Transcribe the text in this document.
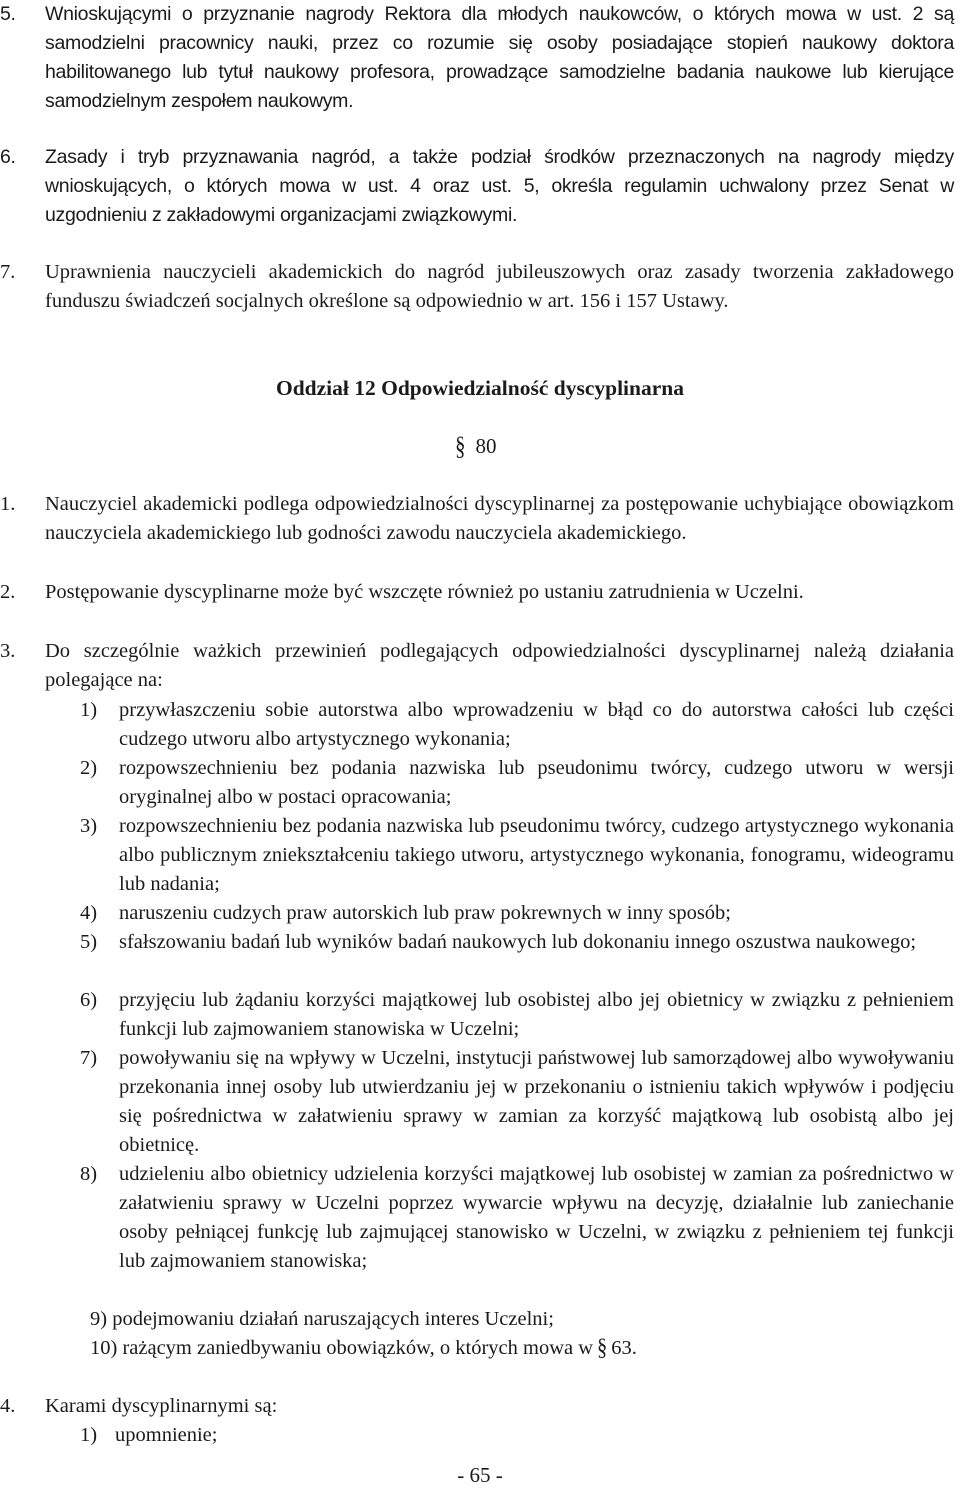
5. Wnioskującymi o przyznanie nagrody Rektora dla młodych naukowców, o których mowa w ust. 2 są samodzielni pracownicy nauki, przez co rozumie się osoby posiadające stopień naukowy doktora habilitowanego lub tytuł naukowy profesora, prowadzące samodzielne badania naukowe lub kierujące samodzielnym zespołem naukowym.
6. Zasady i tryb przyznawania nagród, a także podział środków przeznaczonych na nagrody między wnioskujących, o których mowa w ust. 4 oraz ust. 5, określa regulamin uchwalony przez Senat w uzgodnieniu z zakładowymi organizacjami związkowymi.
7. Uprawnienia nauczycieli akademickich do nagród jubileuszowych oraz zasady tworzenia zakładowego funduszu świadczeń socjalnych określone są odpowiednio w art. 156 i 157 Ustawy.
Oddział 12 Odpowiedzialność dyscyplinarna
§ 80
1. Nauczyciel akademicki podlega odpowiedzialności dyscyplinarnej za postępowanie uchybiające obowiązkom nauczyciela akademickiego lub godności zawodu nauczyciela akademickiego.
2. Postępowanie dyscyplinarne może być wszczęte również po ustaniu zatrudnienia w Uczelni.
3. Do szczególnie ważkich przewinień podlegających odpowiedzialności dyscyplinarnej należą działania polegające na:
1) przywłaszczeniu sobie autorstwa albo wprowadzeniu w błąd co do autorstwa całości lub części cudzego utworu albo artystycznego wykonania;
2) rozpowszechnieniu bez podania nazwiska lub pseudonimu twórcy, cudzego utworu w wersji oryginalnej albo w postaci opracowania;
3) rozpowszechnieniu bez podania nazwiska lub pseudonimu twórcy, cudzego artystycznego wykonania albo publicznym zniekształceniu takiego utworu, artystycznego wykonania, fonogramu, wideogramu lub nadania;
4) naruszeniu cudzych praw autorskich lub praw pokrewnych w inny sposób;
5) sfałszowaniu badań lub wyników badań naukowych lub dokonaniu innego oszustwa naukowego;
6) przyjęciu lub żądaniu korzyści majątkowej lub osobistej albo jej obietnicy w związku z pełnieniem funkcji lub zajmowaniem stanowiska w Uczelni;
7) powoływaniu się na wpływy w Uczelni, instytucji państwowej lub samorządowej albo wywoływaniu przekonania innej osoby lub utwierdzaniu jej w przekonaniu o istnieniu takich wpływów i podjęciu się pośrednictwa w załatwieniu sprawy w zamian za korzyść majątkową lub osobistą albo jej obietnicę.
8) udzieleniu albo obietnicy udzielenia korzyści majątkowej lub osobistej w zamian za pośrednictwo w załatwieniu sprawy w Uczelni poprzez wywarcie wpływu na decyzję, działalnie lub zaniechanie osoby pełniącej funkcję lub zajmującej stanowisko w Uczelni, w związku z pełnieniem tej funkcji lub zajmowaniem stanowiska;
9) podejmowaniu działań naruszających interes Uczelni;
10) rażącym zaniedbywaniu obowiązków, o których mowa w § 63.
4. Karami dyscyplinarnymi są:
1) upomnienie;
- 65 -
